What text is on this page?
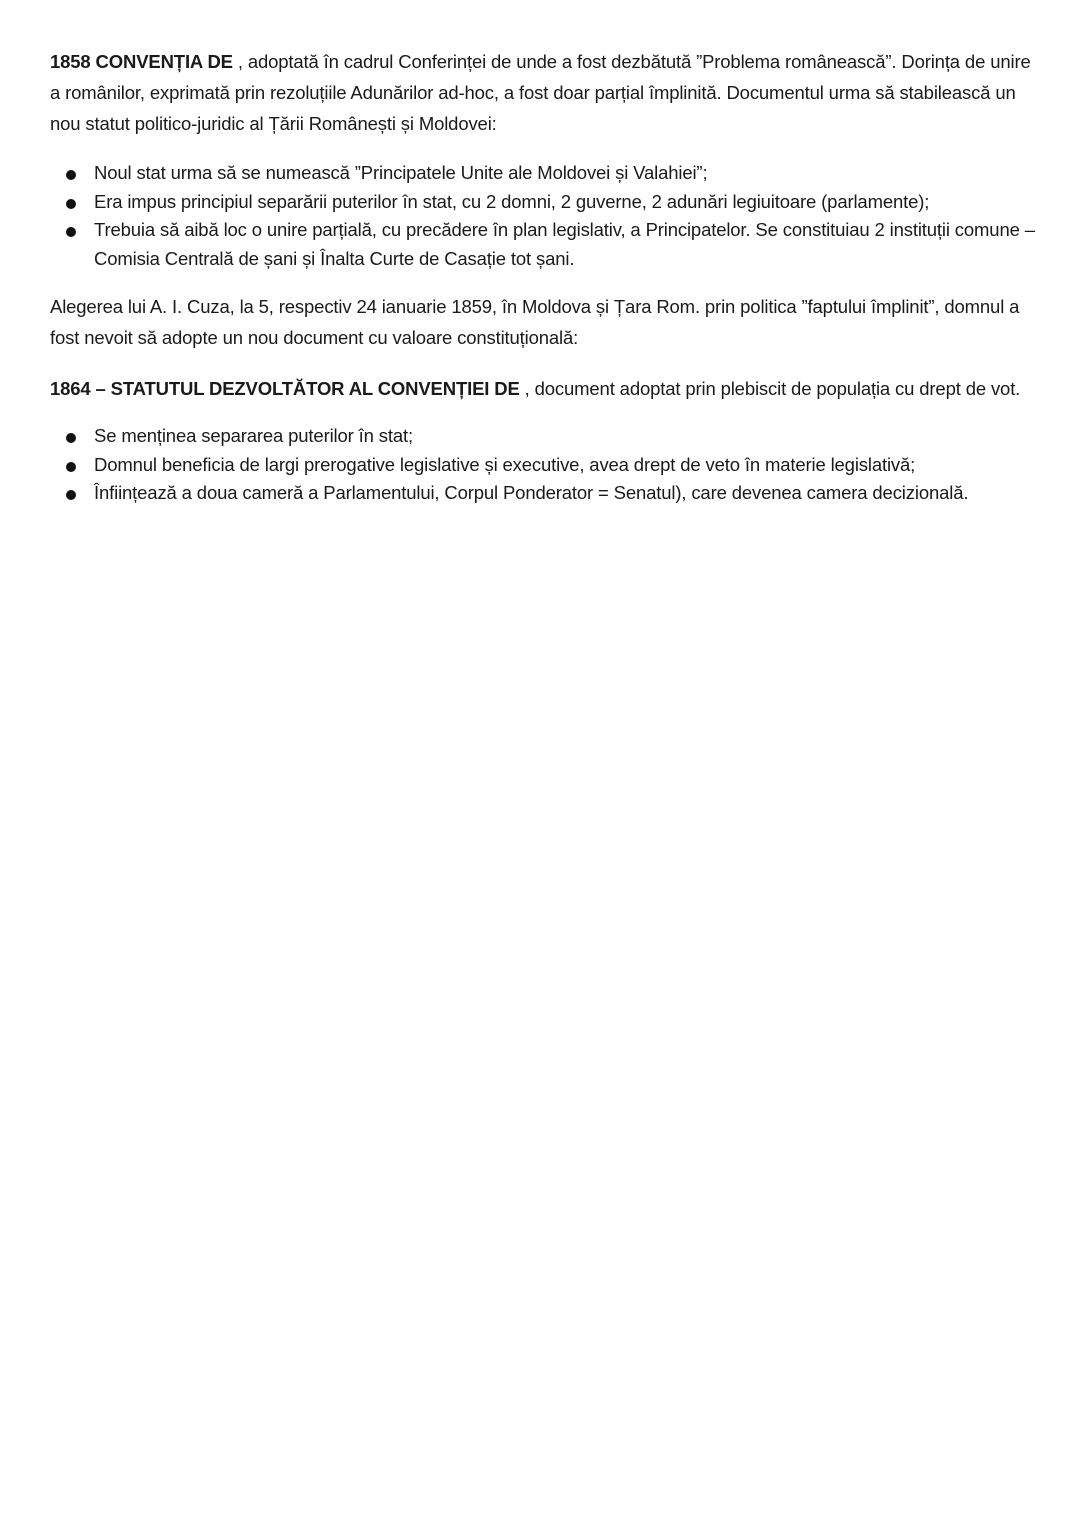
1858 CONVENȚIA DE , adoptată în cadrul Conferinței de unde a fost dezbătută ”Problema românească”. Dorința de unire a românilor, exprimată prin rezoluțiile Adunărilor ad-hoc, a fost doar parțial împlinită. Documentul urma să stabilească un nou statut politico-juridic al Țării Românești și Moldovei:

Noul stat urma să se numească ”Principatele Unite ale Moldovei și Valahiei”;
Era impus principiul separării puterilor în stat, cu 2 domni, 2 guverne, 2 adunări legiuitoare (parlamente);
Trebuia să aibă loc o unire parțială, cu precădere în plan legislativ, a Principatelor. Se constituiau 2 instituții comune – Comisia Centrală de șani și Înalta Curte de Casație tot șani.

Alegerea lui A. I. Cuza, la 5, respectiv 24 ianuarie 1859, în Moldova și Țara Rom. prin politica ”faptului împlinit”, domnul a fost nevoit să adopte un nou document cu valoare constituțională:

1864 – STATUTUL DEZVOLTĂTOR AL CONVENȚIEI DE , document adoptat prin plebiscit de populația cu drept de vot.

Se menținea separarea puterilor în stat;
Domnul beneficia de largi prerogative legislative și executive, avea drept de veto în materie legislativă;
Înființează a doua cameră a Parlamentului, Corpul Ponderator = Senatul), care devenea camera decizională.
